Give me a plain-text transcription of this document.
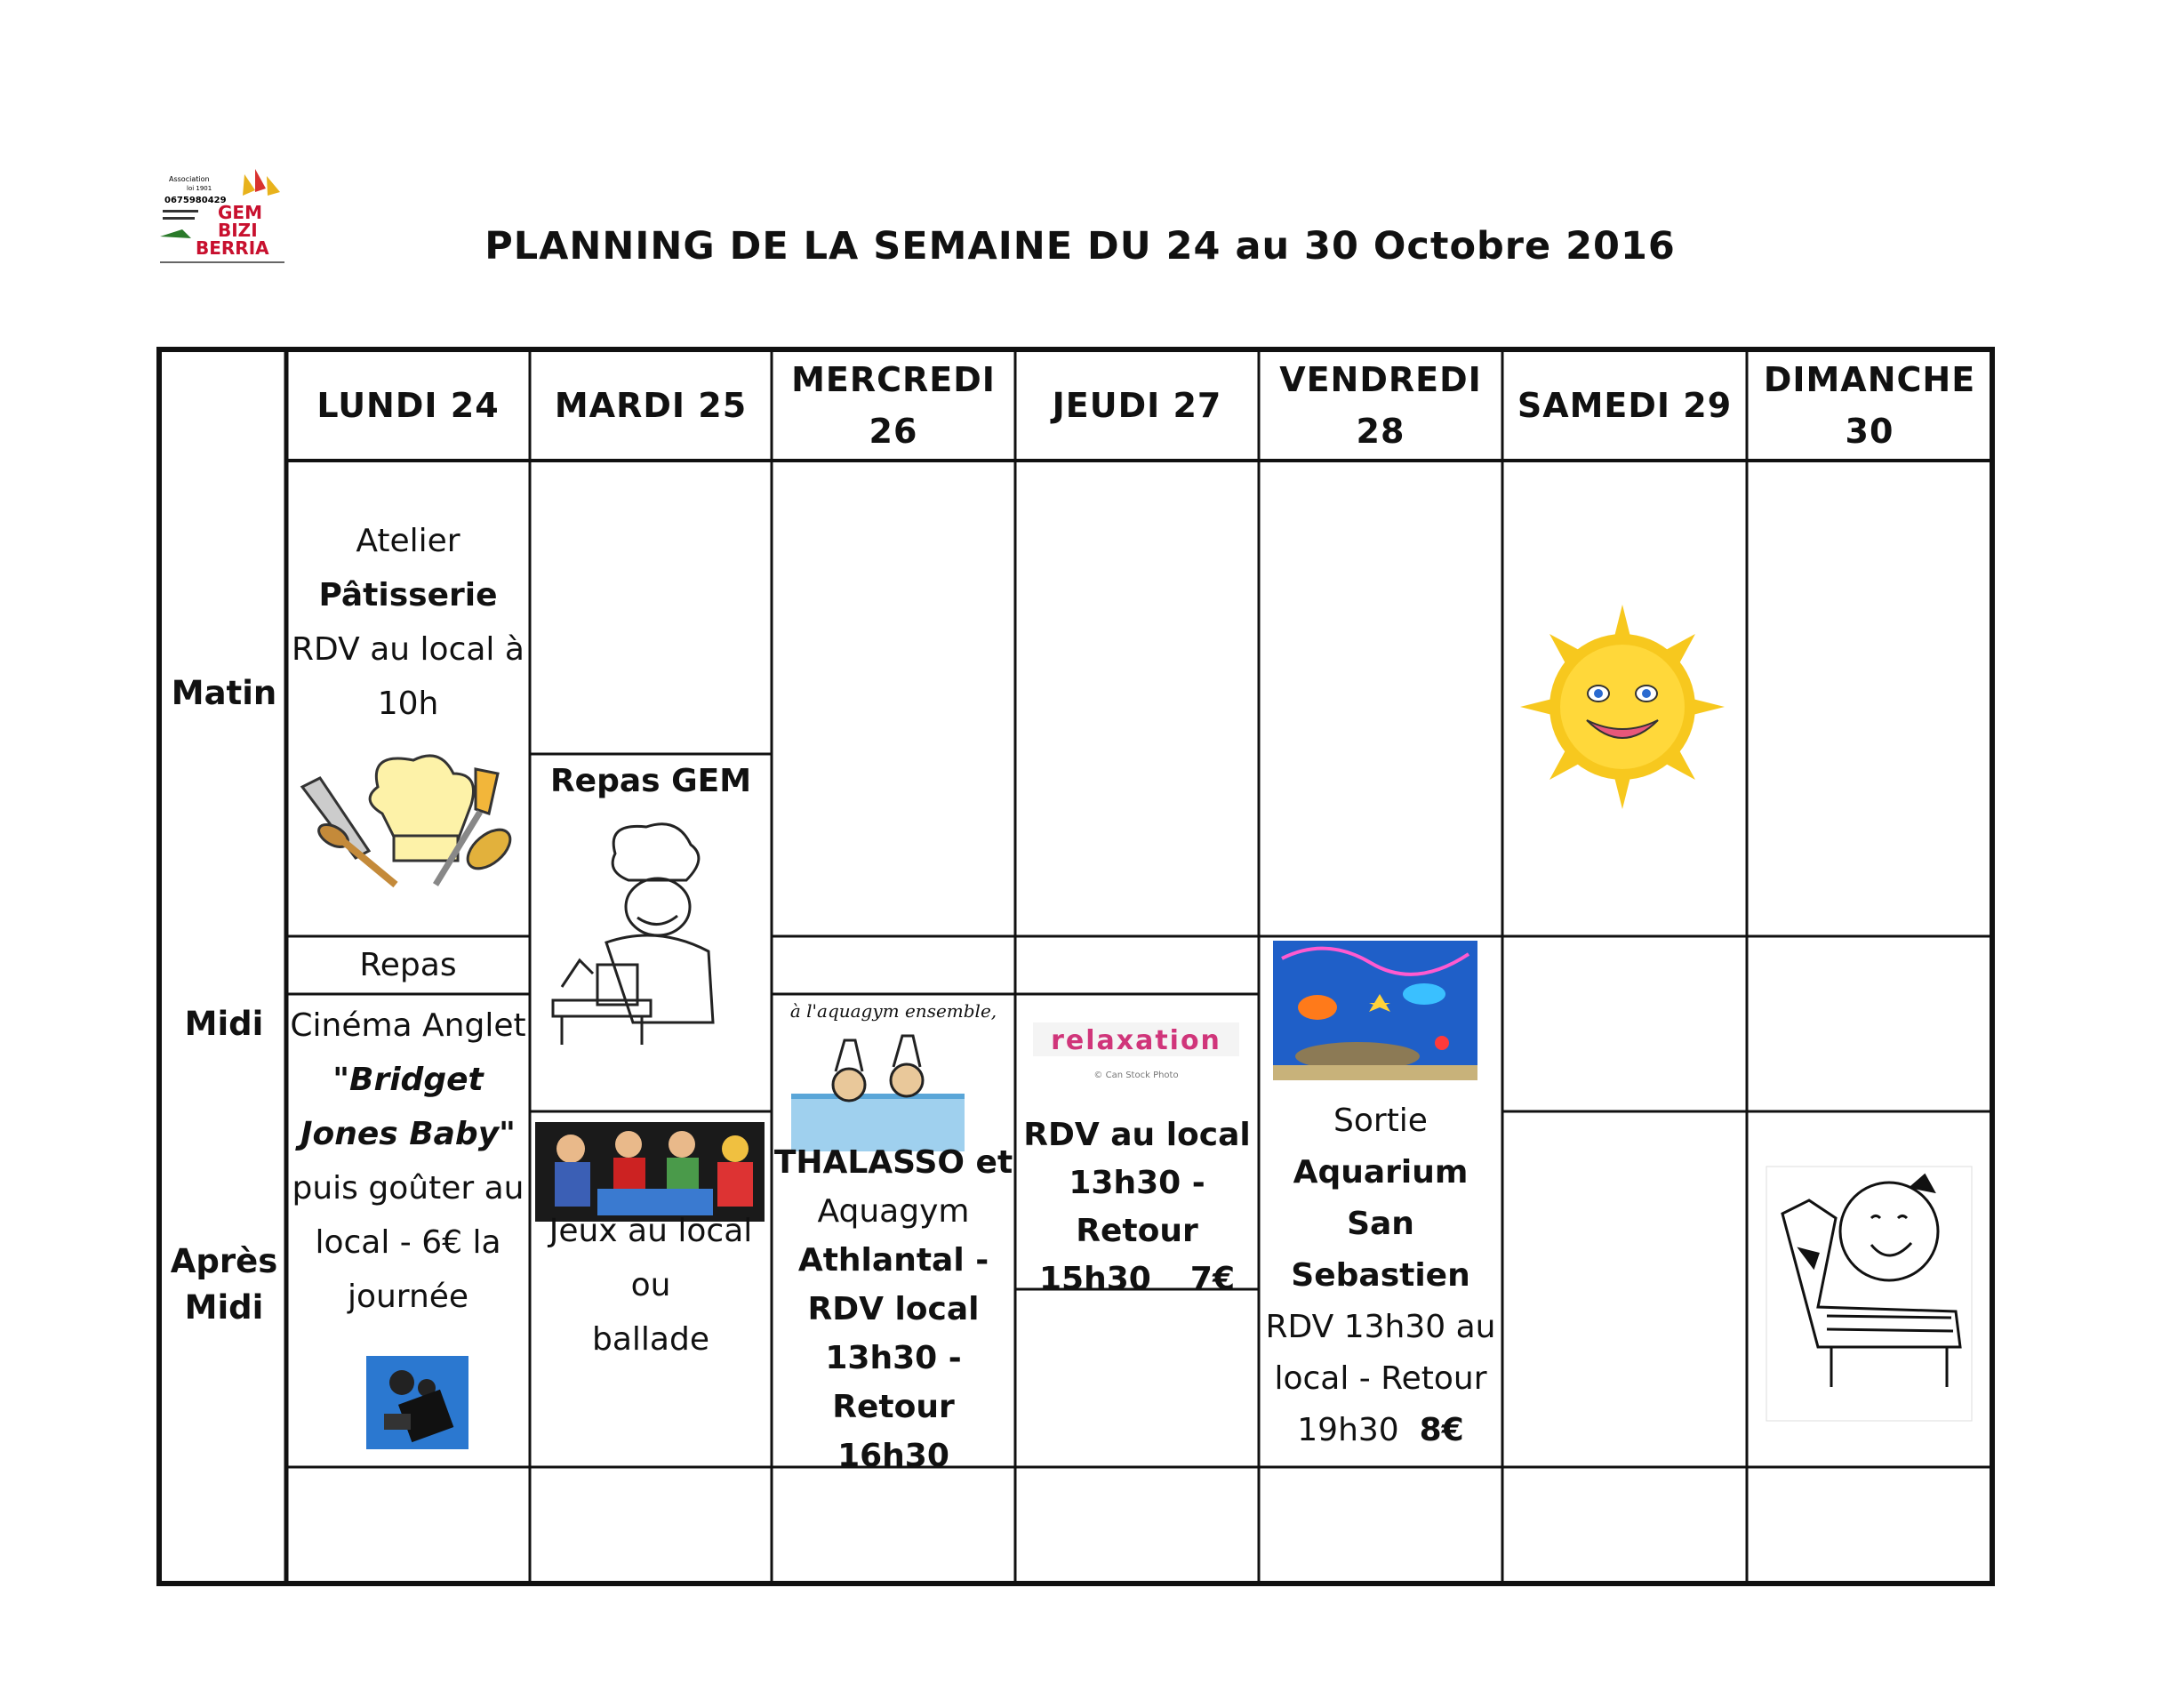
Association
loi 1901
0675980429
GEM
BIZI
BERRIA	PLANNING DE LA SEMAINE DU 24 au 30 Octobre 2016
LUNDI 24 MARDI 25
MERCREDI
26
JEUDI 27
VENDREDI
28
SAMEDI 29
DIMANCHE
30
Matin
Midi
Après
Midi
Atelier
Pâtisserie
RDV au local à
10h
Repas
Cinéma Anglet
"Bridget
Jones Baby"
puis goûter au
local - 6€ la
journée
Repas GEM
Jeux au local ou
ballade
à l'aquagym ensemble,
THALASSO et
Aquagym
Athlantal -
RDV local
13h30 - Retour
16h30
relaxation
© Can Stock Photo
RDV au local
13h30 - Retour
15h30 7€
Sortie
Aquarium
San
Sebastien
RDV 13h30 au
local - Retour
19h30 8€
